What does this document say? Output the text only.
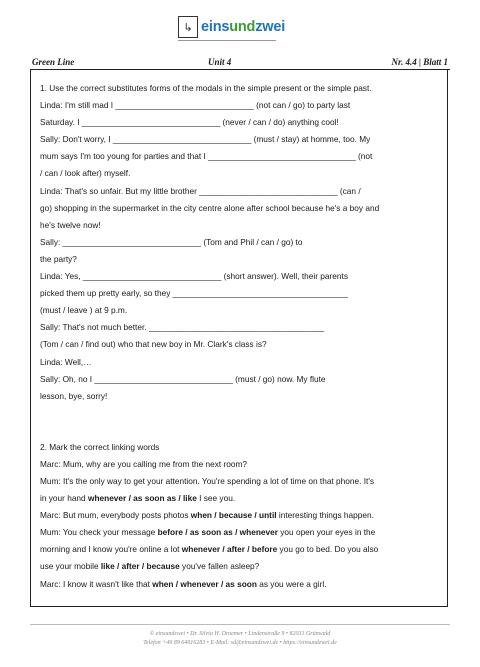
↳ einsundzwei
Green Line	Unit 4	Nr. 4.4 | Blatt 1

1. Use the correct substitutes forms of the modals in the simple present or the simple past.

Linda: I'm still mad I ______________________________ (not can / go) to party last

Saturday. I ______________________________ (never / can / do) anything cool!

Sally: Don't worry, I ______________________________ (must / stay) at homme, too. My

mum says I'm too young for parties and that I ________________________________ (not

/ can / look after) myself.

Linda: That's so unfair. But my little brother ______________________________ (can /

go) shopping in the supermarket in the city centre alone after school because he's a boy and

he's twelve now!

Sally: ______________________________ (Tom and Phil / can / go) to

the party?

Linda: Yes, ______________________________ (short answer). Well, their parents

picked them up pretty early, so they ______________________________________

(must / leave ) at 9 p.m.

Sally: That's not much better. ______________________________________

(Tom / can / find out) who that new boy in Mr. Clark's class is?

Linda: Well,…

Sally: Oh, no I ______________________________ (must / go) now. My flute

lesson, bye, sorry!

2. Mark the correct linking words

Marc: Mum, why are you calling me from the next room?

Mum: It's the only way to get your attention. You're spending a lot of time on that phone. It's

in your hand whenever / as soon as / like I see you.

Marc: But mum, everybody posts photos when / because / until interesting things happen.

Mum: You check your message before / as soon as / whenever you open your eyes in the

morning and I know you're online a lot whenever / after / before you go to bed. Do you also

use your mobile like / after / because you've fallen asleep?

Marc: I know it wasn't like that when / whenever / as soon as you were a girl.

© einsundzwei • Dr. Silvia H. Droemer • Lindenstraße 9 • 82031 Grünwald
Telefon +49 89 64916283 • E-Mail: sd@einsundzwei.de • https://einsundzwei.de
